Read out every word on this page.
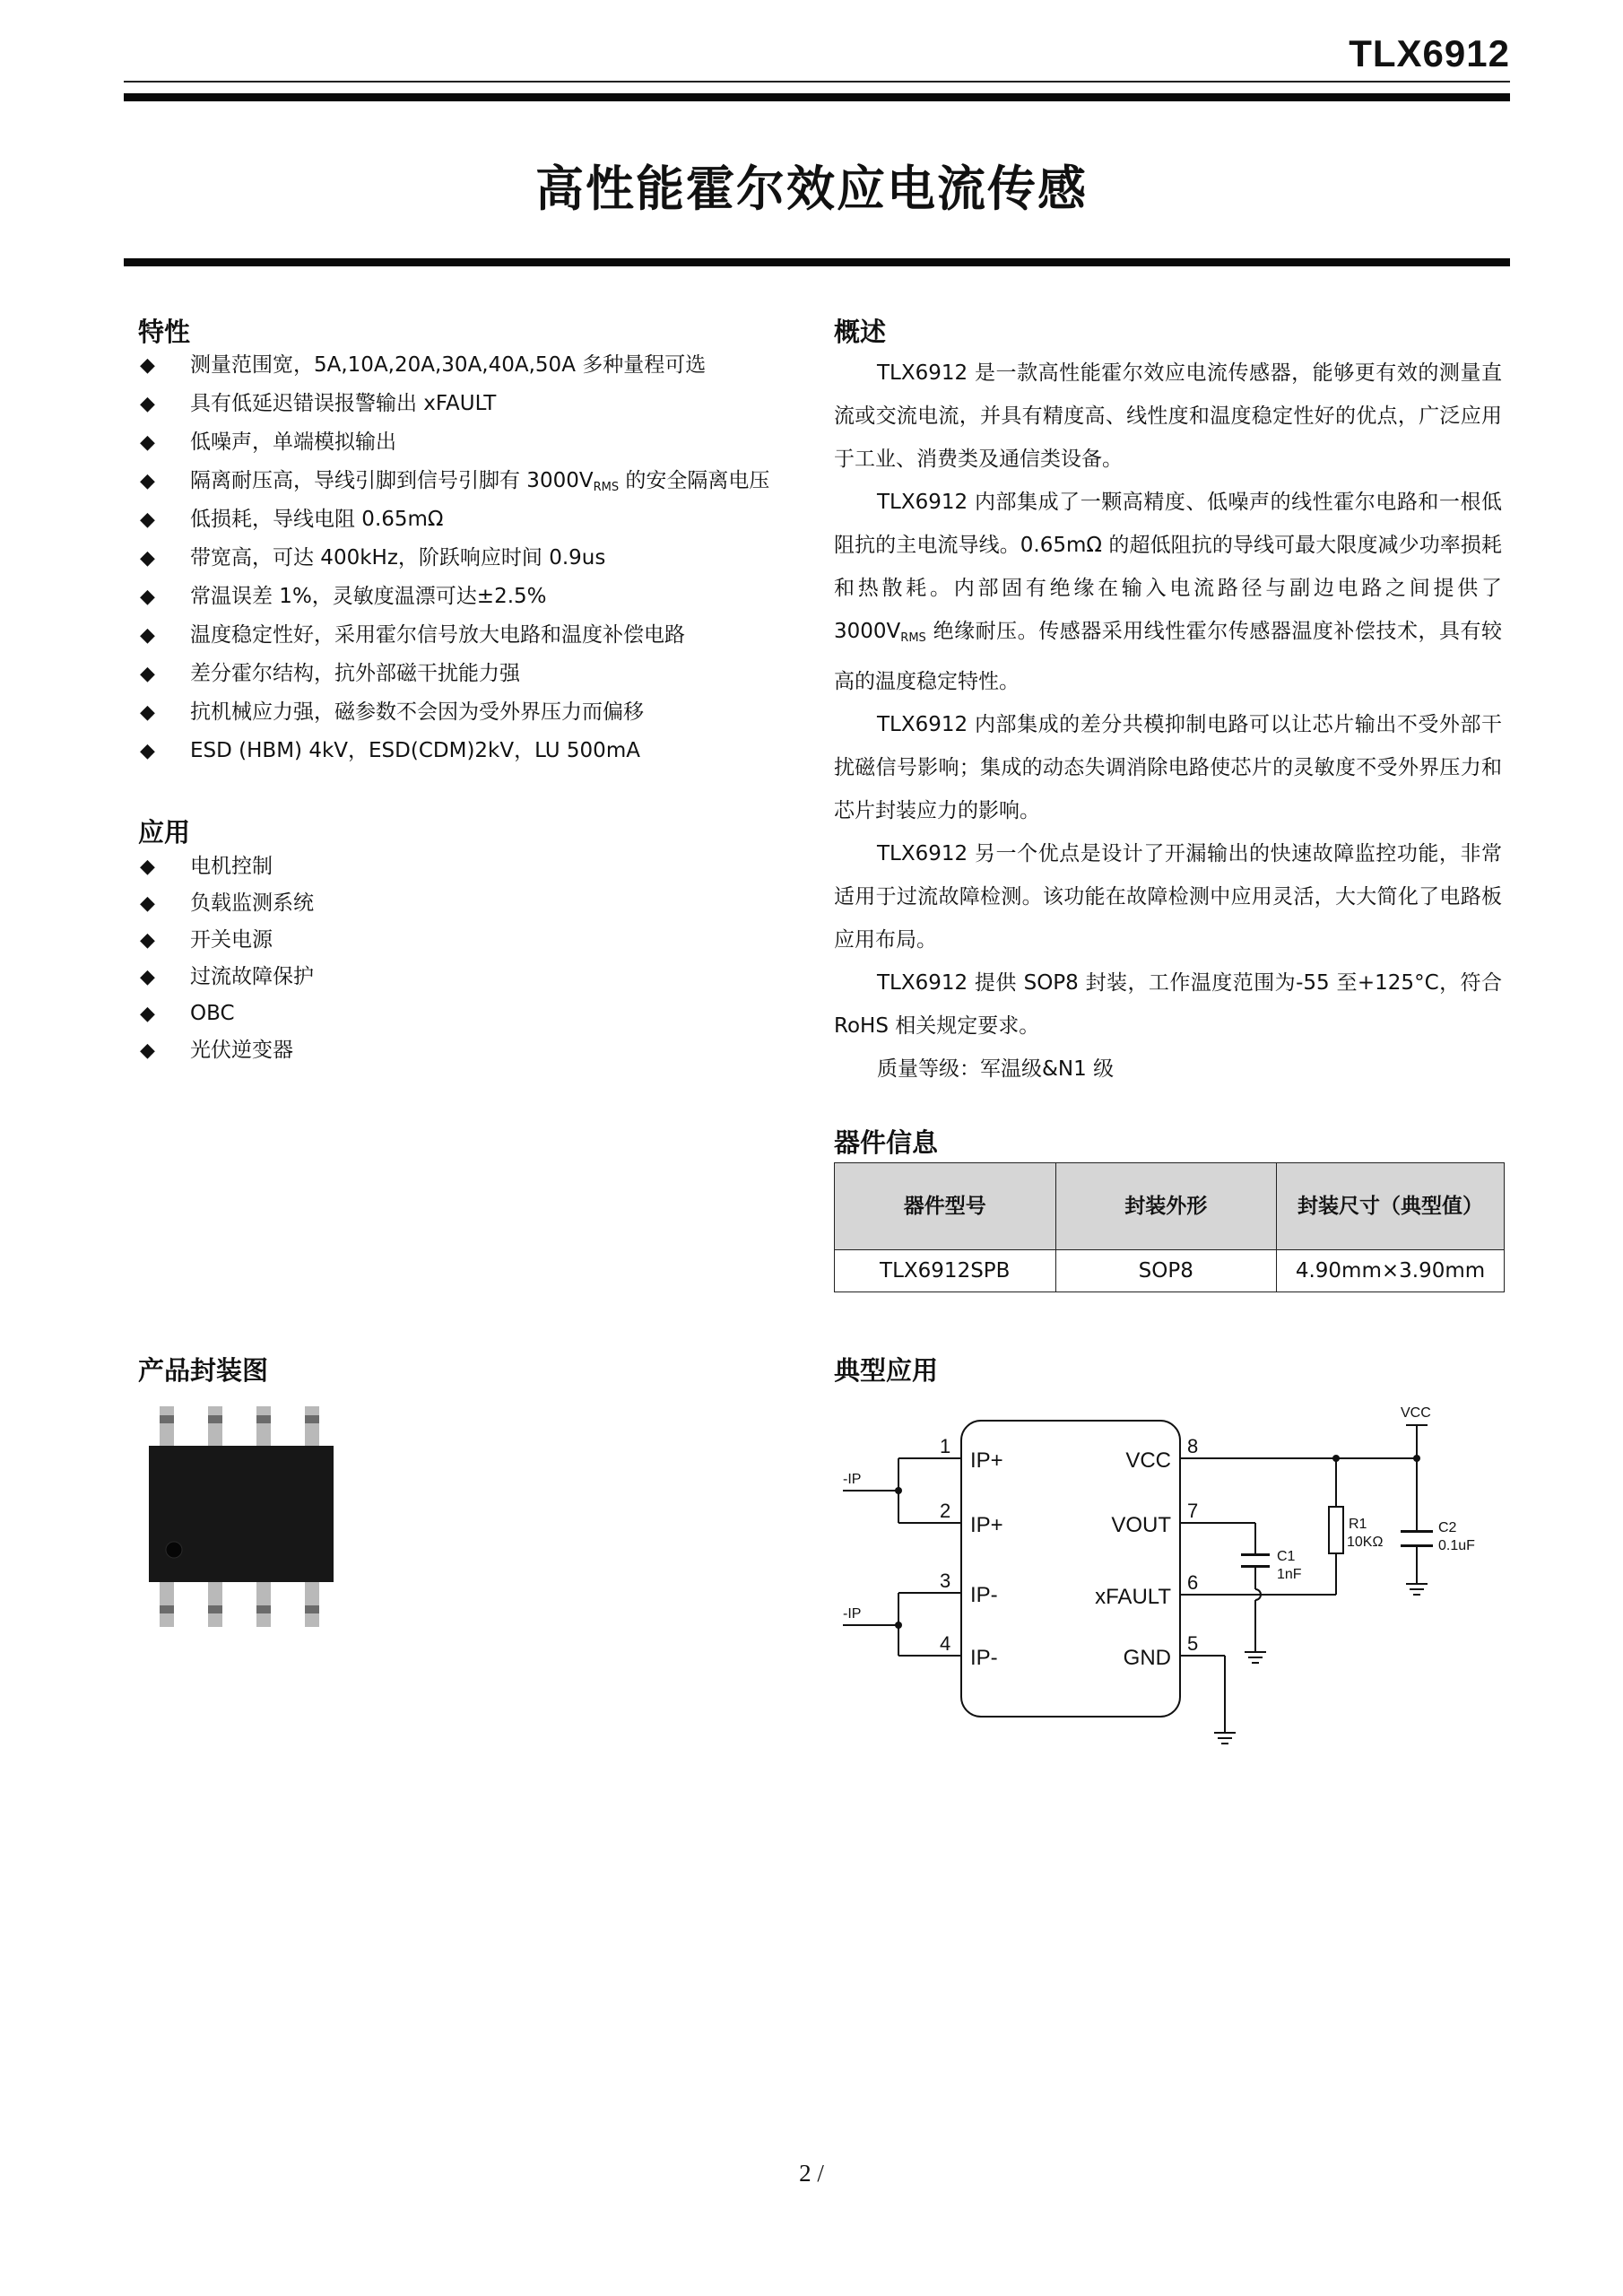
TLX6912
高性能霍尔效应电流传感
特性
◆ 测量范围宽，5A,10A,20A,30A,40A,50A 多种量程可选
◆ 具有低延迟错误报警输出 xFAULT
◆ 低噪声，单端模拟输出
◆ 隔离耐压高，导线引脚到信号引脚有 $3000V_{RMS}$ 的安全隔离电压
◆ 低损耗，导线电阻 0.65mΩ
◆ 带宽高，可达 400kHz，阶跃响应时间 0.9us
◆ 常温误差 1%，灵敏度温漂可达±2.5%
◆ 温度稳定性好，采用霍尔信号放大电路和温度补偿电路
◆ 差分霍尔结构，抗外部磁干扰能力强
◆ 抗机械应力强，磁参数不会因为受外界压力而偏移
◆ ESD (HBM) 4kV，ESD(CDM)2kV，LU 500mA
应用
◆ 电机控制
◆ 负载监测系统
◆ 开关电源
◆ 过流故障保护
◆ OBC
◆ 光伏逆变器
概述

TLX6912 是一款高性能霍尔效应电流传感器，能够更有效的测量直流或交流电流，并具有精度高、线性度和温度稳定性好的优点，广泛应用于工业、消费类及通信类设备。

TLX6912 内部集成了一颗高精度、低噪声的线性霍尔电路和一根低阻抗的主电流导线。0.65mΩ 的超低阻抗的导线可最大限度减少功率损耗和热散耗。内部固有绝缘在输入电流路径与副边电路之间提供了 $3000V_{RMS}$ 绝缘耐压。传感器采用线性霍尔传感器温度补偿技术，具有较高的温度稳定特性。

TLX6912 内部集成的差分共模抑制电路可以让芯片输出不受外部干扰磁信号影响；集成的动态失调消除电路使芯片的灵敏度不受外界压力和芯片封装应力的影响。

TLX6912 另一个优点是设计了开漏输出的快速故障监控功能，非常适用于过流故障检测。该功能在故障检测中应用灵活，大大简化了电路板应用布局。

TLX6912 提供 SOP8 封装，工作温度范围为-55 至+125°C，符合 RoHS 相关规定要求。

质量等级：军温级&N1 级

器件信息
器件型号	封装外形	封装尺寸（典型值）
TLX6912SPB	SOP8	4.90mm×3.90mm
产品封装图	典型应用
1
2
3
4
8
7
6
5
IP+
IP+
IP-
IP-
VCC
VOUT
xFAULT
GND
-IP
-IP
VCC
C1
1nF
R1
10KΩ
C2
0.1uF
2 /
